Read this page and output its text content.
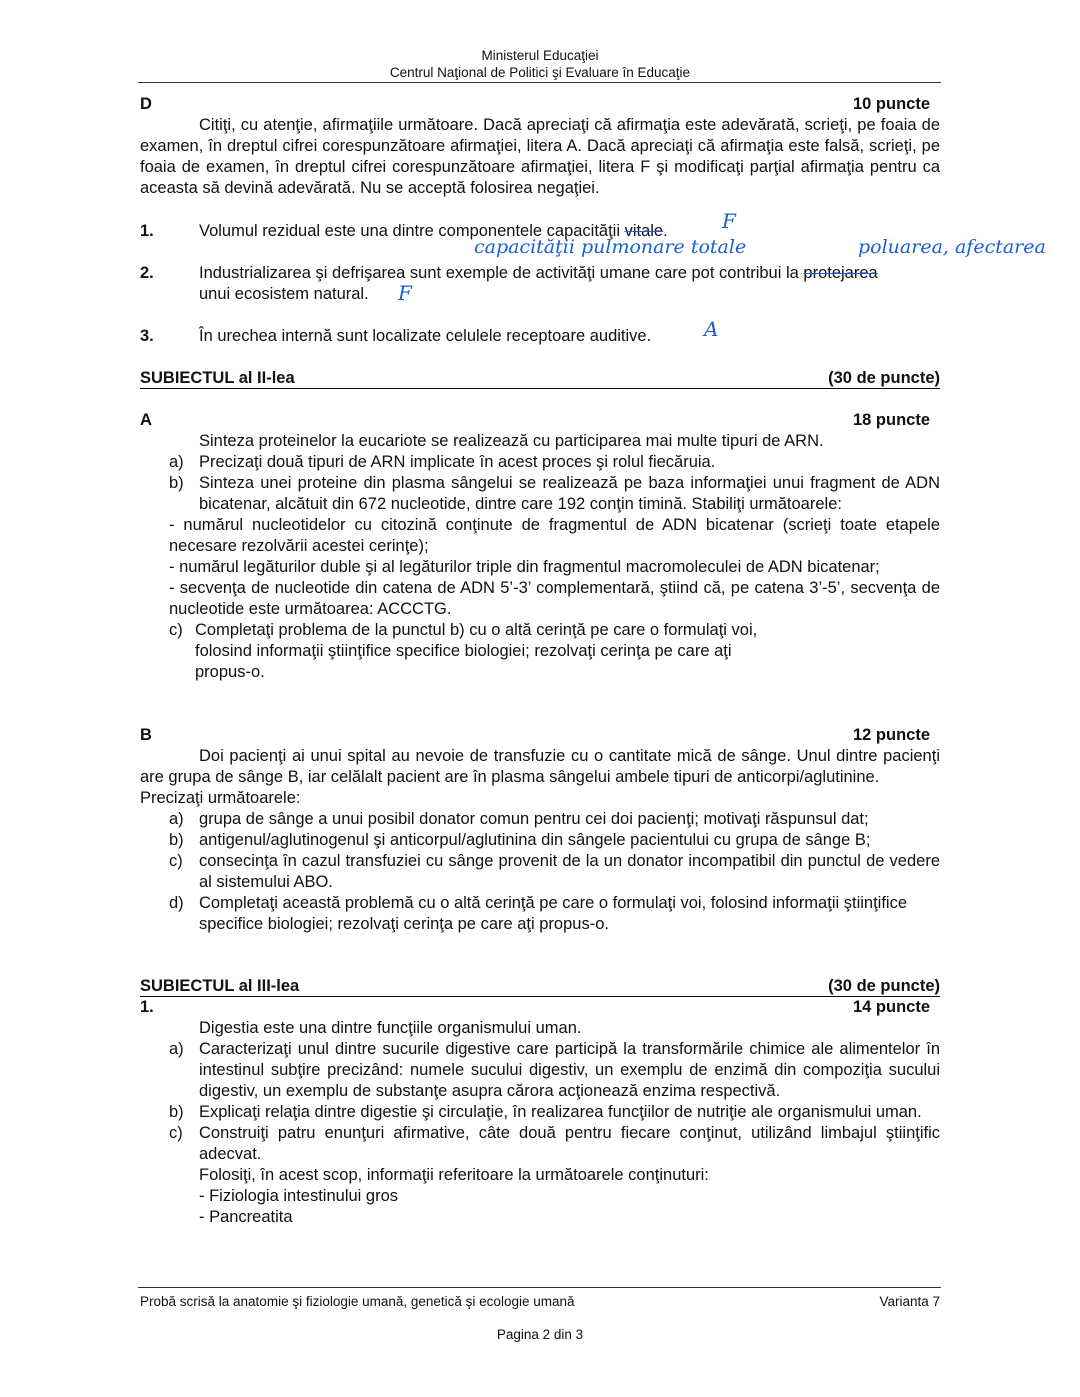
Ministerul Educaţiei
Centrul Naţional de Politici şi Evaluare în Educaţie
D	10 puncte
Citiţi, cu atenţie, afirmaţiile următoare. Dacă apreciaţi că afirmaţia este adevărată, scrieţi, pe foaia de examen, în dreptul cifrei corespunzătoare afirmaţiei, litera A. Dacă apreciaţi că afirmaţia este falsă, scrieţi, pe foaia de examen, în dreptul cifrei corespunzătoare afirmaţiei, litera F şi modificaţi parţial afirmaţia pentru ca aceasta să devină adevărată. Nu se acceptă folosirea negaţiei.
1.	Volumul rezidual este una dintre componentele capacităţii vitale.	F
capacităţii pulmonare totale
2.	Industrializarea şi defrişarea sunt exemple de activităţi umane care pot contribui la protejarea
unui ecosistem natural.	F
poluarea, afectarea
3.	În urechea internă sunt localizate celulele receptoare auditive.	A
SUBIECTUL al II-lea	(30 de puncte)
A	18 puncte
Sinteza proteinelor la eucariote se realizează cu participarea mai multe tipuri de ARN.
a) Precizaţi două tipuri de ARN implicate în acest proces şi rolul fiecăruia.
b) Sinteza unei proteine din plasma sângelui se realizează pe baza informaţiei unui fragment de ADN bicatenar, alcătuit din 672 nucleotide, dintre care 192 conţin timină. Stabiliţi următoarele:
- numărul nucleotidelor cu citozină conţinute de fragmentul de ADN bicatenar (scrieţi toate etapele necesare rezolvării acestei cerinţe);
- numărul legăturilor duble şi al legăturilor triple din fragmentul macromoleculei de ADN bicatenar;
- secvenţa de nucleotide din catena de ADN 5’-3’ complementară, ştiind că, pe catena 3’-5’, secvenţa de nucleotide este următoarea: ACCCTG.
c) Completaţi problema de la punctul b) cu o altă cerinţă pe care o formulaţi voi, folosind informaţii ştiinţifice specifice biologiei; rezolvaţi cerinţa pe care aţi propus-o.
B	12 puncte
Doi pacienţi ai unui spital au nevoie de transfuzie cu o cantitate mică de sânge. Unul dintre pacienţi are grupa de sânge B, iar celălalt pacient are în plasma sângelui ambele tipuri de anticorpi/aglutinine.
Precizaţi următoarele:
a) grupa de sânge a unui posibil donator comun pentru cei doi pacienţi; motivaţi răspunsul dat;
b) antigenul/aglutinogenul şi anticorpul/aglutinina din sângele pacientului cu grupa de sânge B;
c) consecinţa în cazul transfuziei cu sânge provenit de la un donator incompatibil din punctul de vedere al sistemului ABO.
d) Completaţi această problemă cu o altă cerinţă pe care o formulaţi voi, folosind informaţii ştiinţifice specifice biologiei; rezolvaţi cerinţa pe care aţi propus-o.
SUBIECTUL al III-lea	(30 de puncte)
1.	14 puncte
Digestia este una dintre funcţiile organismului uman.
a) Caracterizaţi unul dintre sucurile digestive care participă la transformările chimice ale alimentelor în intestinul subţire precizând: numele sucului digestiv, un exemplu de enzimă din compoziţia sucului digestiv, un exemplu de substanţe asupra cărora acţionează enzima respectivă.
b) Explicaţi relaţia dintre digestie şi circulaţie, în realizarea funcţiilor de nutriţie ale organismului uman.
c) Construiţi patru enunţuri afirmative, câte două pentru fiecare conţinut, utilizând limbajul ştiinţific adecvat.
Folosiţi, în acest scop, informaţii referitoare la următoarele conţinuturi:
- Fiziologia intestinului gros
- Pancreatita
Probă scrisă la anatomie şi fiziologie umană, genetică şi ecologie umană	Varianta 7
Pagina 2 din 3
